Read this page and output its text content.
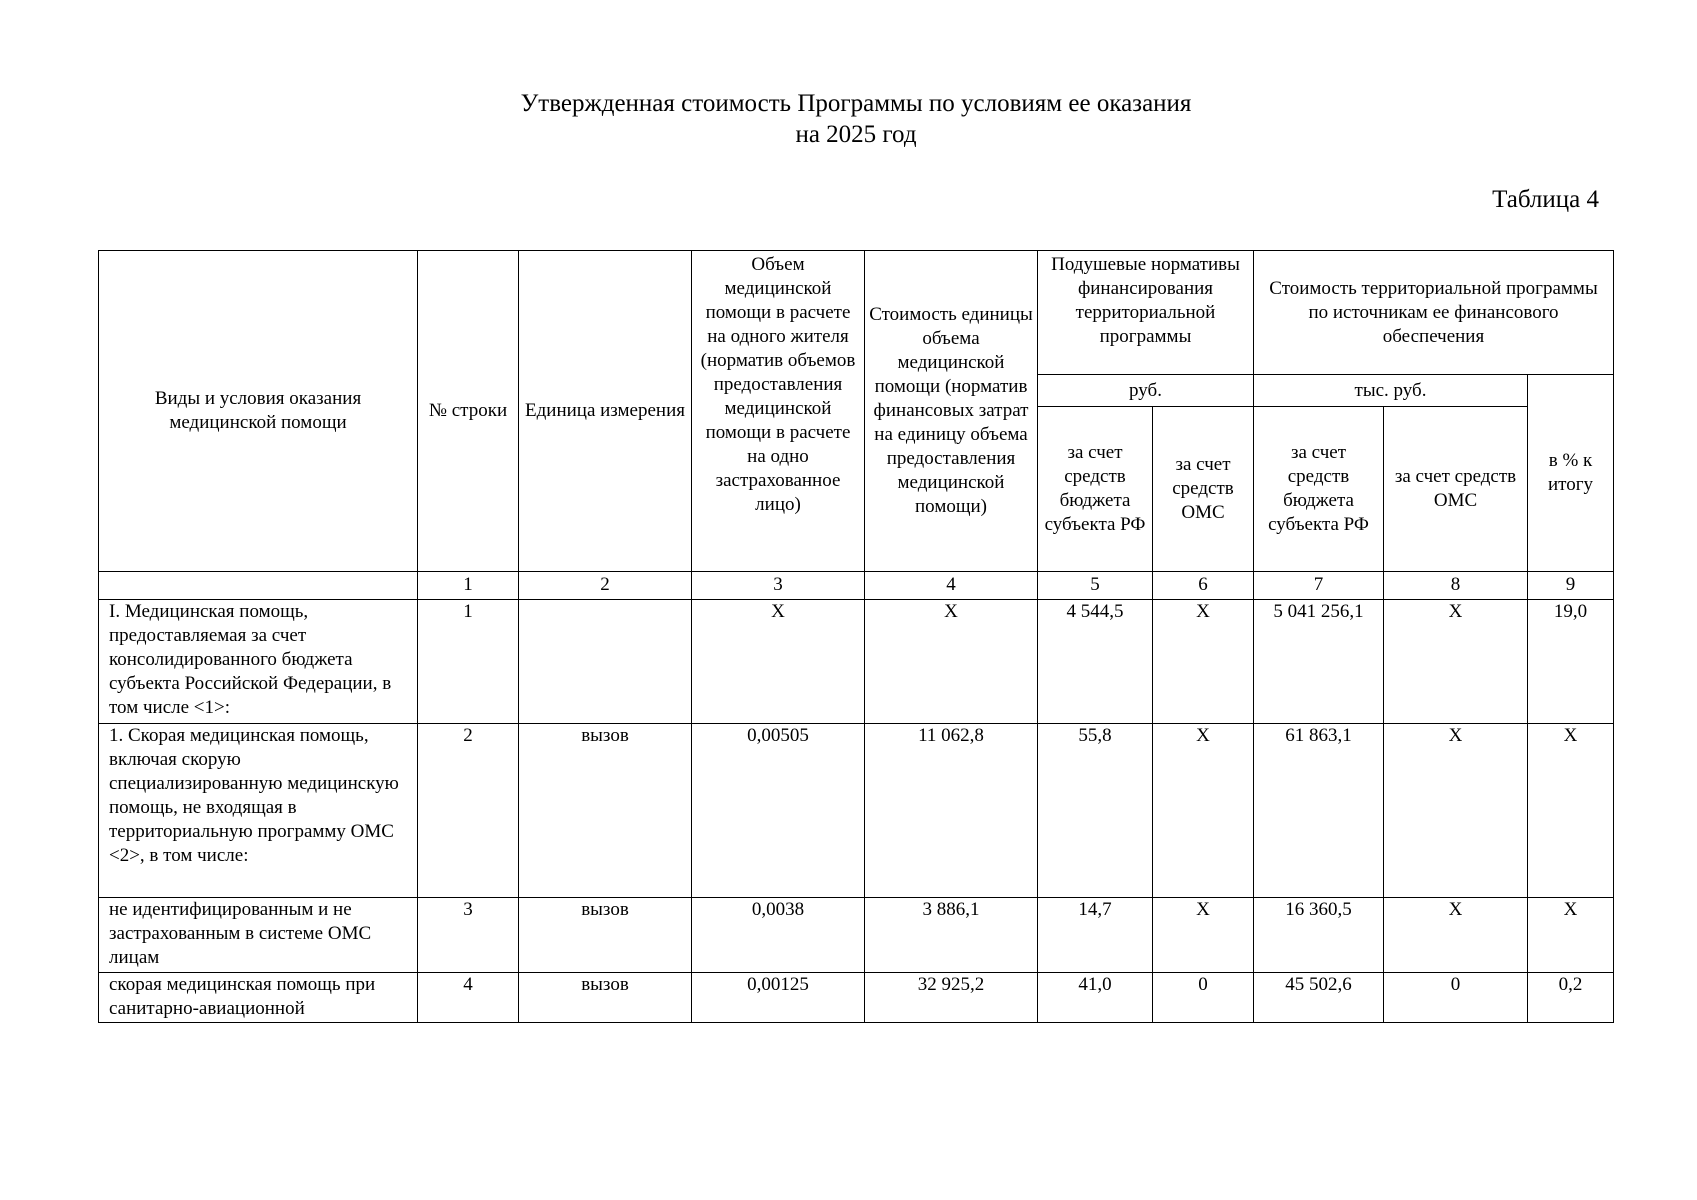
Утвержденная стоимость Программы по условиям ее оказания
на 2025 год
Таблица 4
Виды и условия оказания медицинской помощи	№ строки	Единица измерения	Объем медицинской помощи в расчете на одного жителя (норматив объемов предоставления медицинской помощи в расчете на одно застрахованное лицо)	Стоимость единицы объема медицинской помощи (норматив финансовых затрат на единицу объема предоставления медицинской помощи)	Подушевые нормативы финансирования территориальной программы		Стоимость территориальной программы по источникам ее финансового обеспечения		
					руб.		тыс. руб.		в % к итогу
					за счет средств бюджета субъекта РФ	за счет средств ОМС	за счет средств бюджета субъекта РФ	за счет средств ОМС	
	1	2	3	4	5	6	7	8	9
I. Медицинская помощь, предоставляемая за счет консолидированного бюджета субъекта Российской Федерации, в том числе <1>:	1		Х	Х	4 544,5	Х	5 041 256,1	Х	19,0
1. Скорая медицинская помощь, включая скорую специализированную медицинскую помощь, не входящая в территориальную программу ОМС <2>, в том числе:	2	вызов	0,00505	11 062,8	55,8	Х	61 863,1	Х	Х
не идентифицированным и не застрахованным в системе ОМС лицам	3	вызов	0,0038	3 886,1	14,7	Х	16 360,5	Х	Х
скорая медицинская помощь при санитарно-авиационной	4	вызов	0,00125	32 925,2	41,0	0	45 502,6	0	0,2
